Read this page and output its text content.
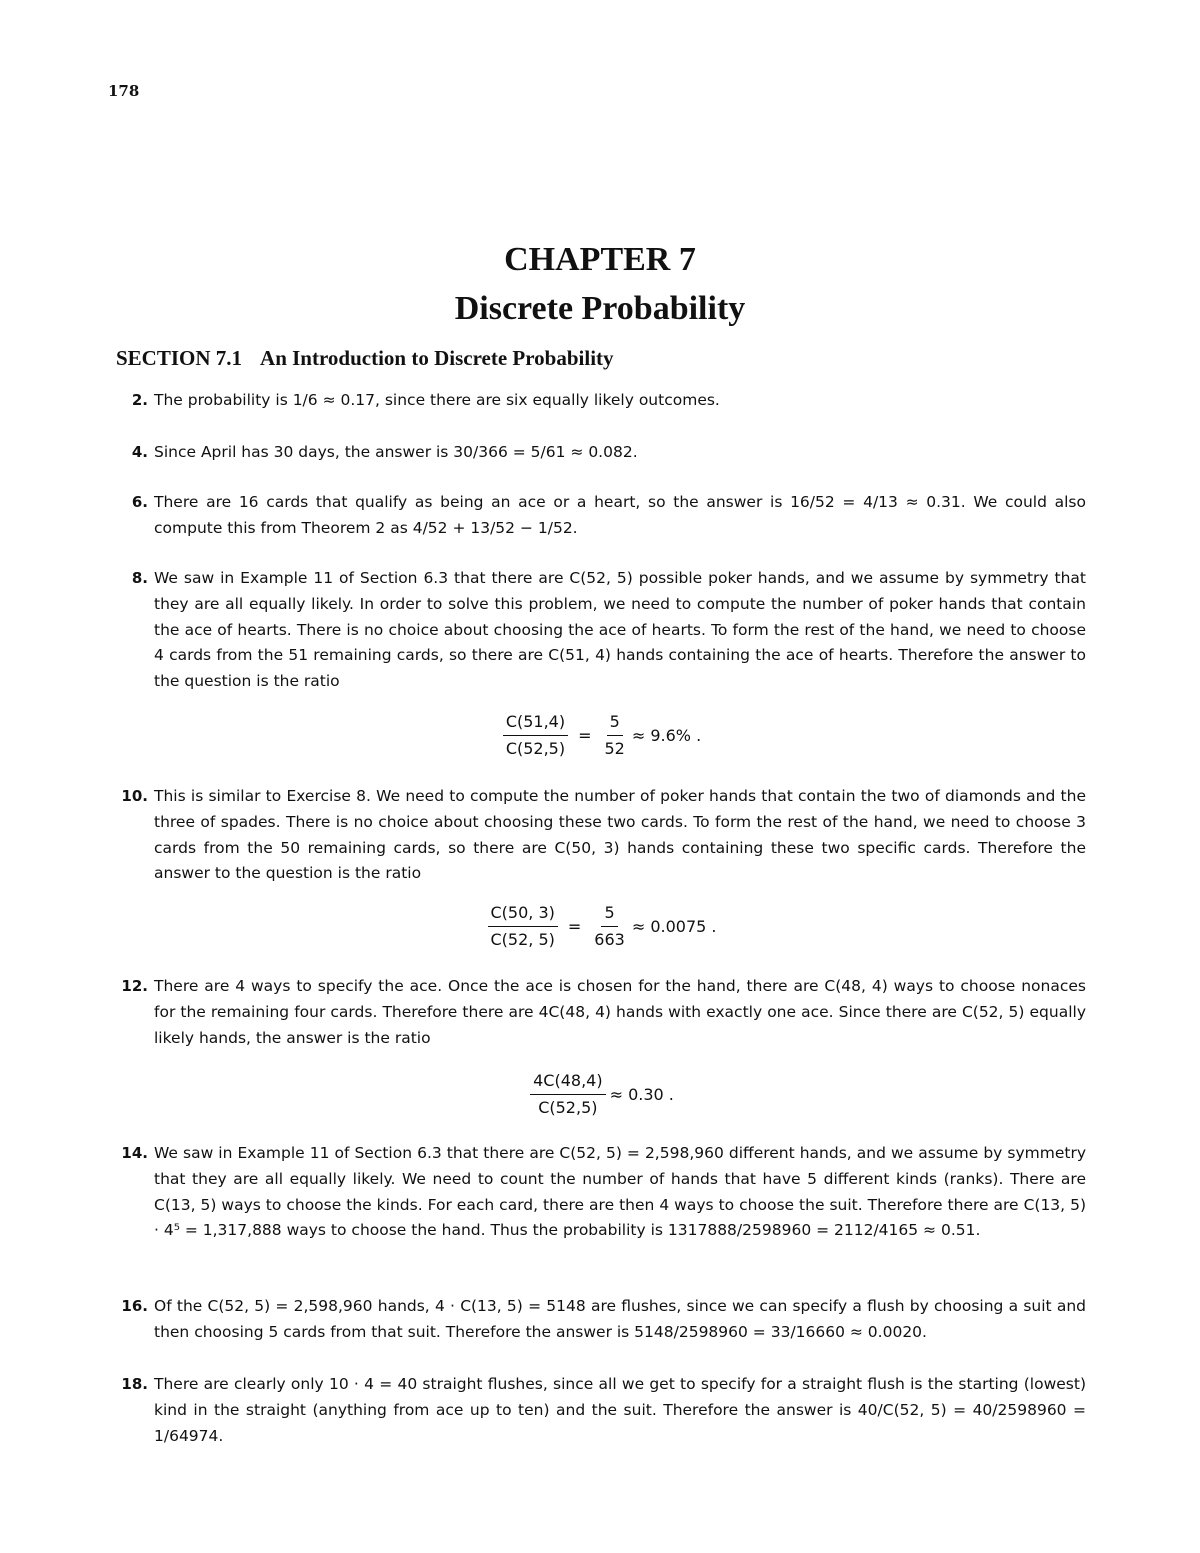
178
CHAPTER 7
Discrete Probability
SECTION 7.1 An Introduction to Discrete Probability
2. The probability is 1/6 ≈ 0.17, since there are six equally likely outcomes.
4. Since April has 30 days, the answer is 30/366 = 5/61 ≈ 0.082.
6. There are 16 cards that qualify as being an ace or a heart, so the answer is 16/52 = 4/13 ≈ 0.31. We could also compute this from Theorem 2 as 4/52 + 13/52 − 1/52.
8. We saw in Example 11 of Section 6.3 that there are C(52, 5) possible poker hands, and we assume by symmetry that they are all equally likely. In order to solve this problem, we need to compute the number of poker hands that contain the ace of hearts. There is no choice about choosing the ace of hearts. To form the rest of the hand, we need to choose 4 cards from the 51 remaining cards, so there are C(51, 4) hands containing the ace of hearts. Therefore the answer to the question is the ratio
$\frac{C(51,4)}{C(52,5)} = \frac{5}{52} \approx 9.6\%$ .
10. This is similar to Exercise 8. We need to compute the number of poker hands that contain the two of diamonds and the three of spades. There is no choice about choosing these two cards. To form the rest of the hand, we need to choose 3 cards from the 50 remaining cards, so there are C(50, 3) hands containing these two specific cards. Therefore the answer to the question is the ratio
$\frac{C(50, 3)}{C(52, 5)} = \frac{5}{663} \approx 0.0075$ .
12. There are 4 ways to specify the ace. Once the ace is chosen for the hand, there are C(48, 4) ways to choose nonaces for the remaining four cards. Therefore there are 4C(48, 4) hands with exactly one ace. Since there are C(52, 5) equally likely hands, the answer is the ratio
$\frac{4C(48,4)}{C(52,5)} \approx 0.30$ .
14. We saw in Example 11 of Section 6.3 that there are C(52, 5) = 2,598,960 different hands, and we assume by symmetry that they are all equally likely. We need to count the number of hands that have 5 different kinds (ranks). There are C(13, 5) ways to choose the kinds. For each card, there are then 4 ways to choose the suit. Therefore there are C(13, 5) · 4⁵ = 1,317,888 ways to choose the hand. Thus the probability is 1317888/2598960 = 2112/4165 ≈ 0.51.
16. Of the C(52, 5) = 2,598,960 hands, 4 · C(13, 5) = 5148 are flushes, since we can specify a flush by choosing a suit and then choosing 5 cards from that suit. Therefore the answer is 5148/2598960 = 33/16660 ≈ 0.0020.
18. There are clearly only 10 · 4 = 40 straight flushes, since all we get to specify for a straight flush is the starting (lowest) kind in the straight (anything from ace up to ten) and the suit. Therefore the answer is 40/C(52, 5) = 40/2598960 = 1/64974.
